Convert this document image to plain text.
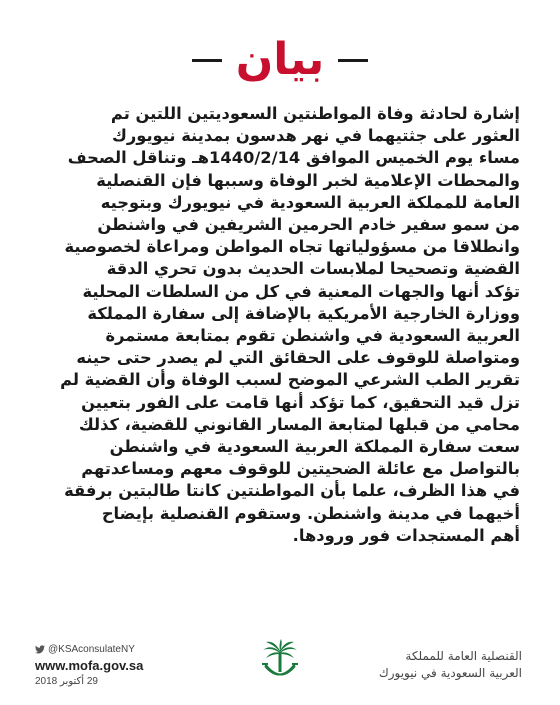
بيان
إشارة لحادثة وفاة المواطنتين السعوديتين اللتين تم
العثور على جثتيهما في نهر هدسون بمدينة نيويورك
مساء يوم الخميس الموافق 1440/2/14هـ وتناقل الصحف
والمحطات الإعلامية لخبر الوفاة وسببها فإن القنصلية
العامة للمملكة العربية السعودية في نيويورك وبتوجيه
من سمو سفير خادم الحرمين الشريفين في واشنطن
وانطلاقا من مسؤولياتها تجاه المواطن ومراعاة لخصوصية
القضية وتصحيحا لملابسات الحديث بدون تحري الدقة
تؤكد أنها والجهات المعنية في كل من السلطات المحلية
ووزارة الخارجية الأمريكية بالإضافة إلى سفارة المملكة
العربية السعودية في واشنطن تقوم بمتابعة مستمرة
ومتواصلة للوقوف على الحقائق التي لم يصدر حتى حينه
تقرير الطب الشرعي الموضح لسبب الوفاة وأن القضية لم
تزل قيد التحقيق، كما تؤكد أنها قامت على الفور بتعيين
محامي من قبلها لمتابعة المسار القانوني للقضية، كذلك
سعت سفارة المملكة العربية السعودية في واشنطن
بالتواصل مع عائلة الضحيتين للوقوف معهم ومساعدتهم
في هذا الظرف، علما بأن المواطنتين كانتا طالبتين برفقة
أخيهما في مدينة واشنطن. وستقوم القنصلية بإيضاح
أهم المستجدات فور ورودها.
@KSAconsulateNY
www.mofa.gov.sa
29 أكتوبر 2018
القنصلية العامة للمملكة
العربية السعودية في نيويورك
